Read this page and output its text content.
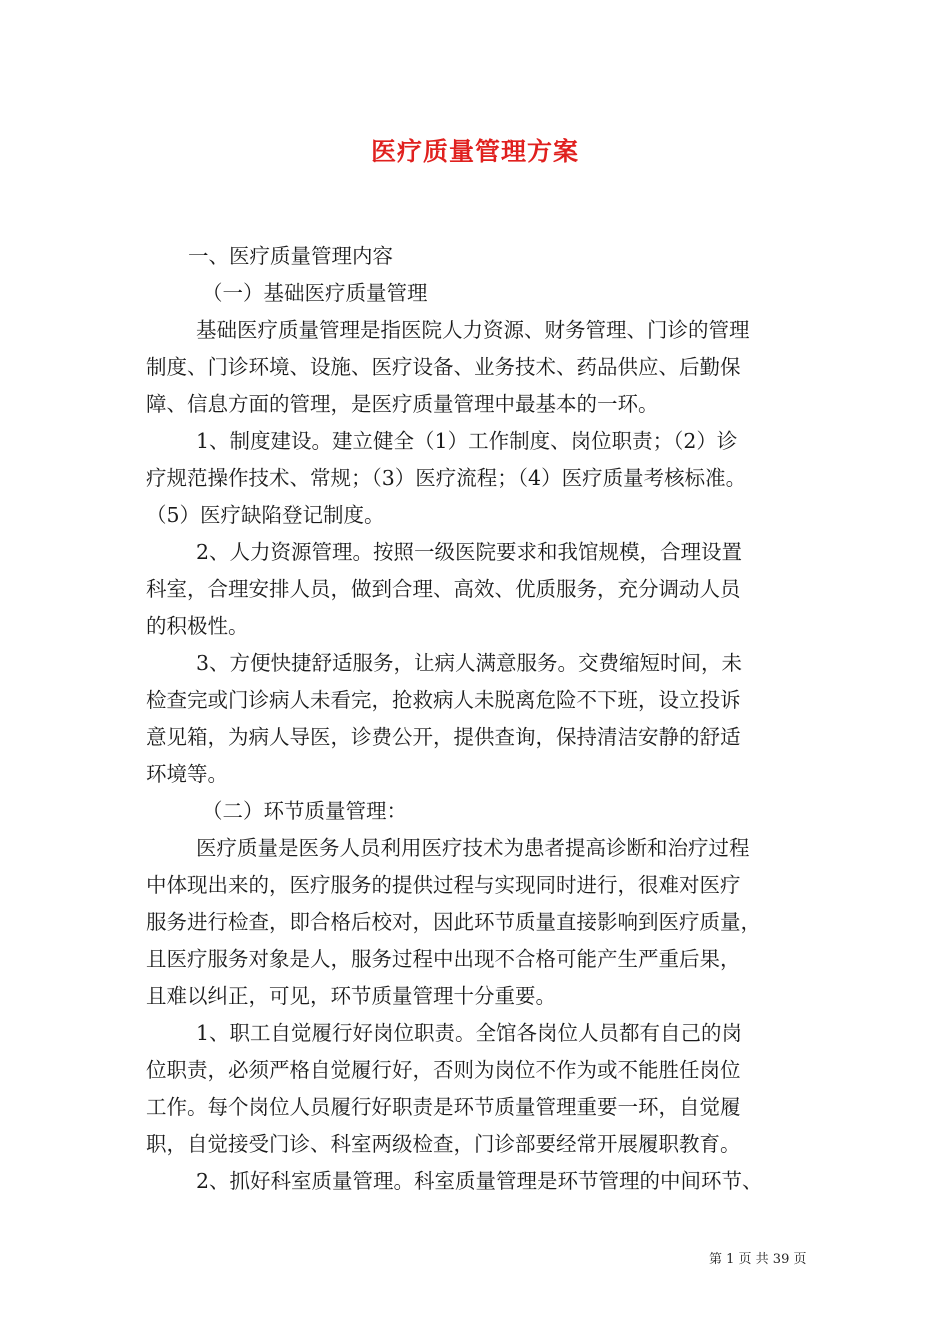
医疗质量管理方案
一、医疗质量管理内容
（一）基础医疗质量管理
基础医疗质量管理是指医院人力资源、财务管理、门诊的管理
制度、门诊环境、设施、医疗设备、业务技术、药品供应、后勤保
障、信息方面的管理，是医疗质量管理中最基本的一环。
1、制度建设。建立健全（1）工作制度、岗位职责；（2）诊
疗规范操作技术、常规；（3）医疗流程；（4）医疗质量考核标准。
（5）医疗缺陷登记制度。
2、人力资源管理。按照一级医院要求和我馆规模，合理设置
科室，合理安排人员，做到合理、高效、优质服务，充分调动人员
的积极性。
3、方便快捷舒适服务，让病人满意服务。交费缩短时间，未
检查完或门诊病人未看完，抢救病人未脱离危险不下班，设立投诉
意见箱，为病人导医，诊费公开，提供查询，保持清洁安静的舒适
环境等。
（二）环节质量管理：
医疗质量是医务人员利用医疗技术为患者提高诊断和治疗过程
中体现出来的，医疗服务的提供过程与实现同时进行，很难对医疗
服务进行检查，即合格后校对，因此环节质量直接影响到医疗质量，
且医疗服务对象是人，服务过程中出现不合格可能产生严重后果，
且难以纠正，可见，环节质量管理十分重要。
1、职工自觉履行好岗位职责。全馆各岗位人员都有自己的岗
位职责，必须严格自觉履行好，否则为岗位不作为或不能胜任岗位
工作。每个岗位人员履行好职责是环节质量管理重要一环，自觉履
职，自觉接受门诊、科室两级检查，门诊部要经常开展履职教育。
2、抓好科室质量管理。科室质量管理是环节管理的中间环节、
第 1 页 共 39 页
